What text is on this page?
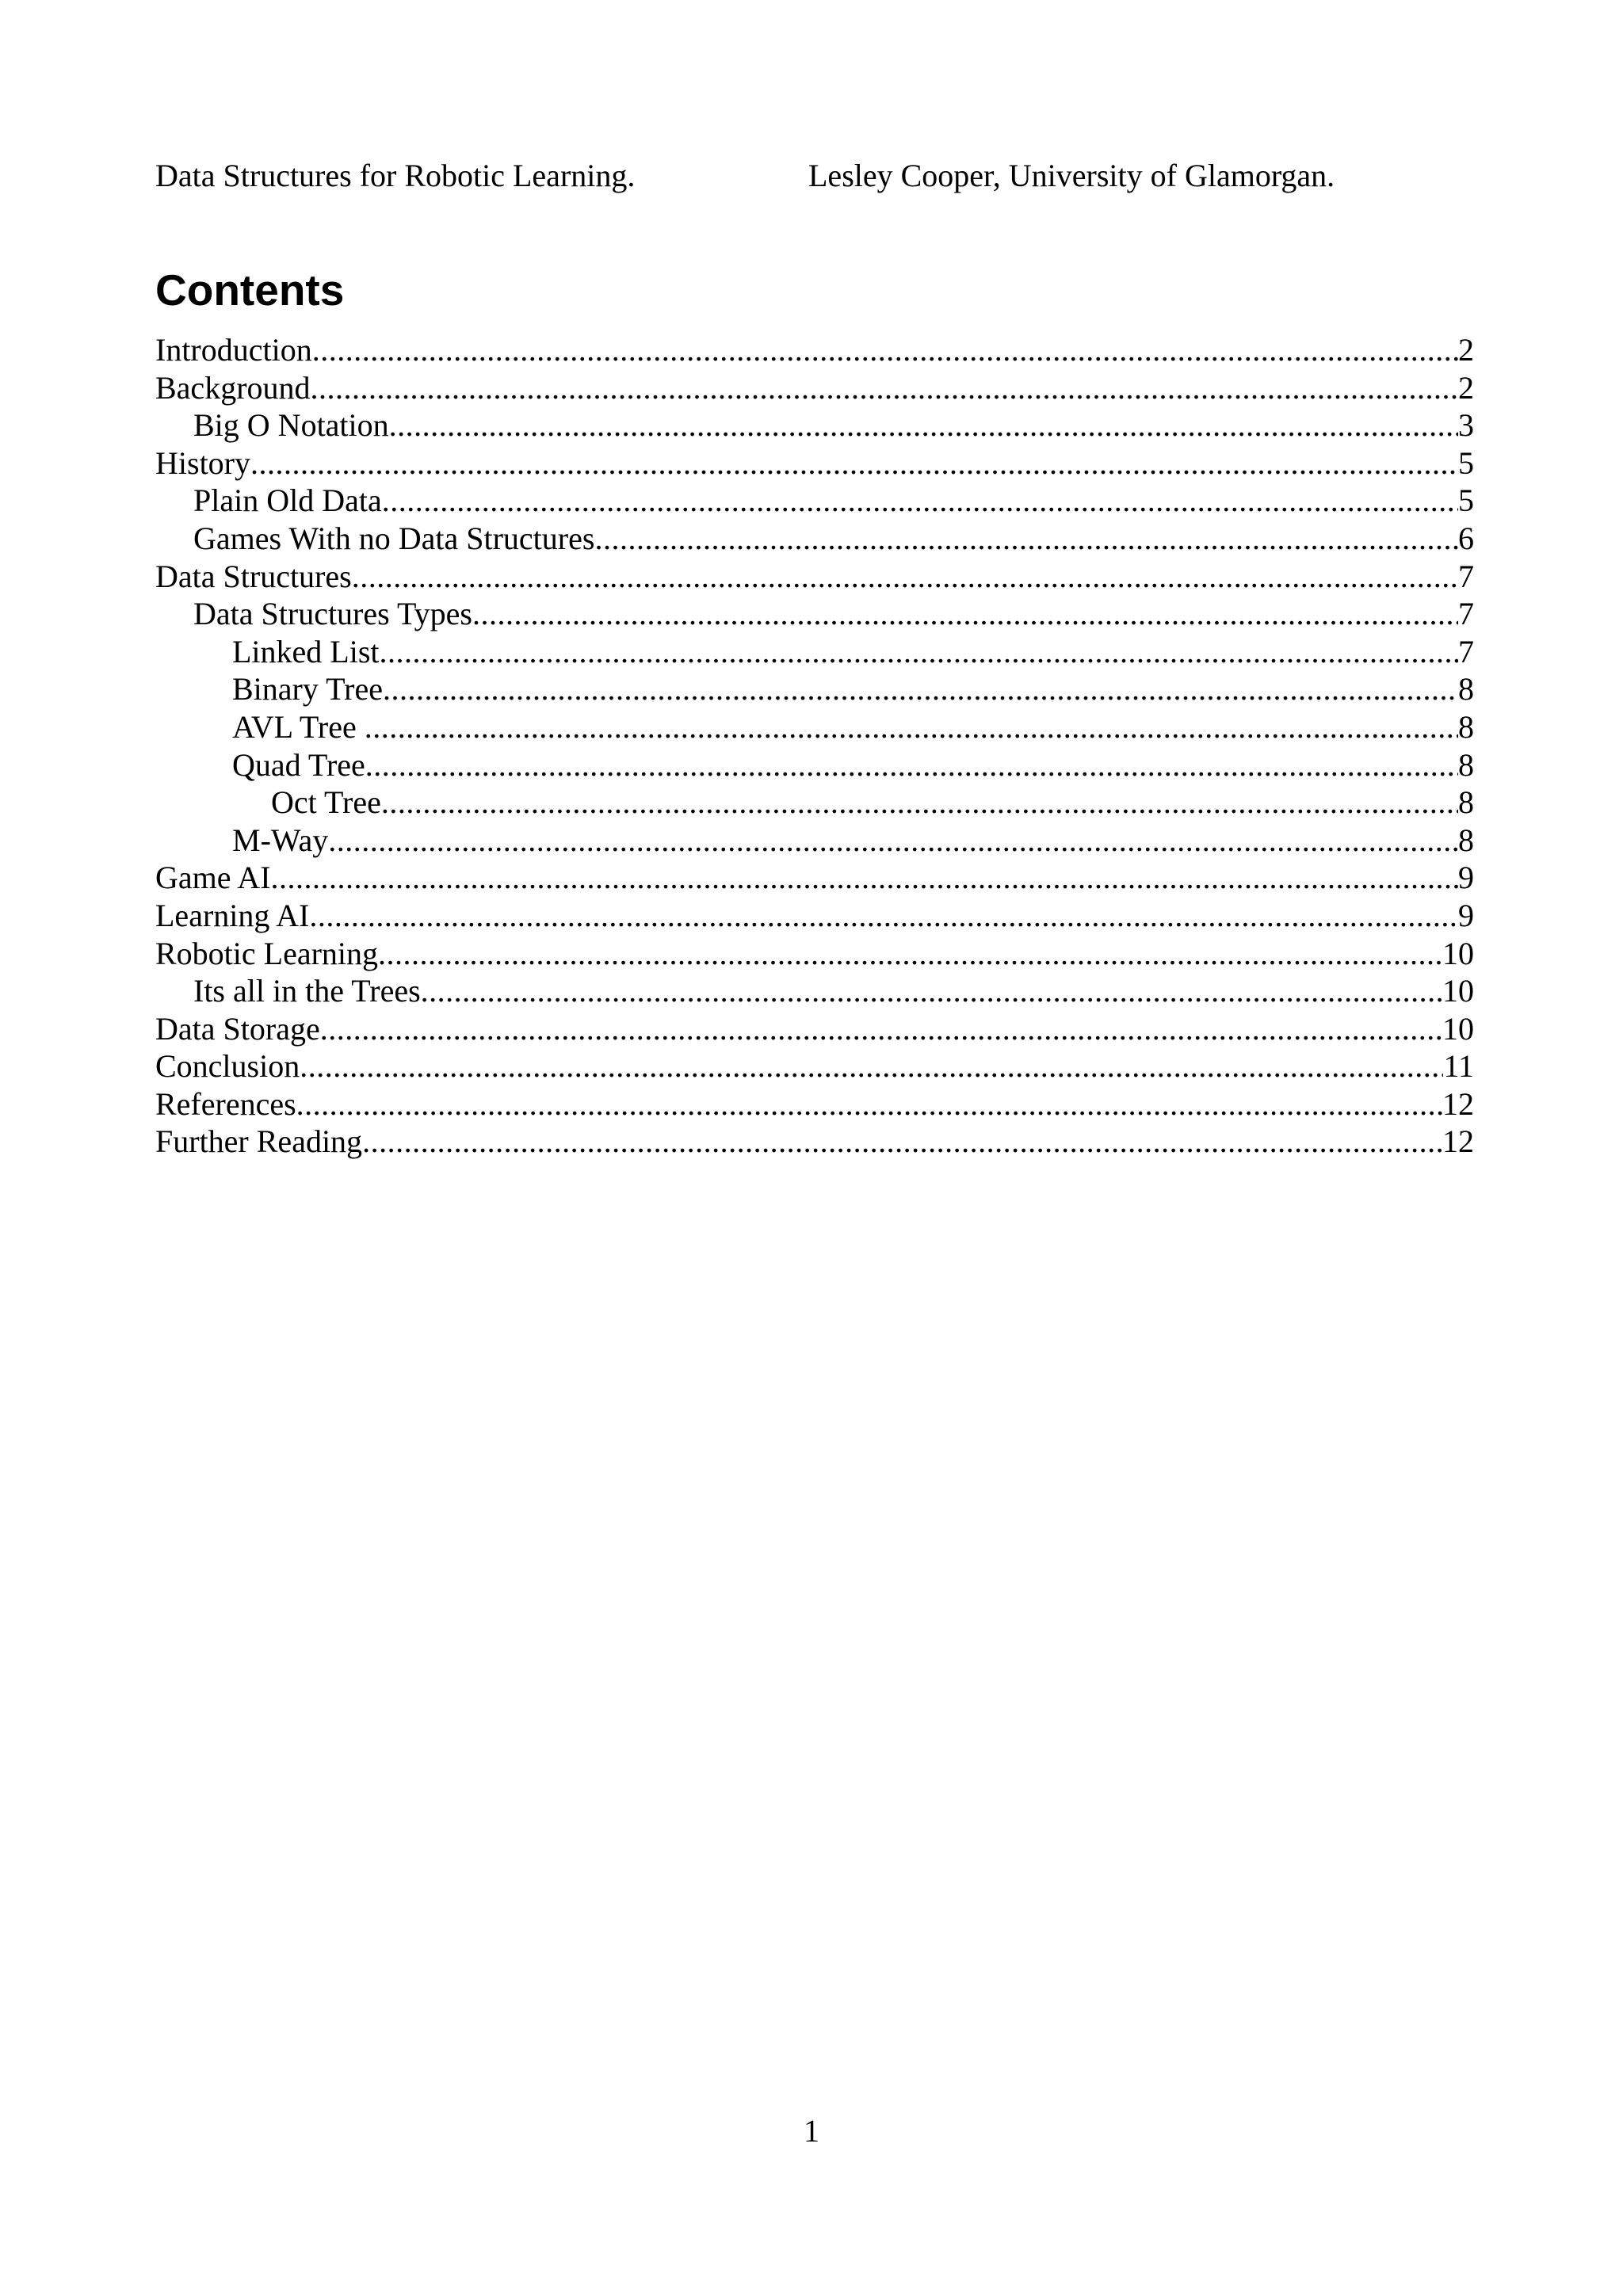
Data Structures for Robotic Learning.	Lesley Cooper, University of Glamorgan.
Contents
Introduction .....	2
Background .....	2
Big O Notation .....	3
History .....	5
Plain Old Data .....	5
Games With no Data Structures .....	6
Data Structures .....	7
Data Structures Types .....	7
Linked List .....	7
Binary Tree .....	8
AVL Tree .....	8
Quad Tree .....	8
Oct Tree .....	8
M-Way .....	8
Game AI .....	9
Learning AI .....	9
Robotic Learning .....	10
Its all in the Trees .....	10
Data Storage .....	10
Conclusion .....	11
References .....	12
Further Reading .....	12
1
